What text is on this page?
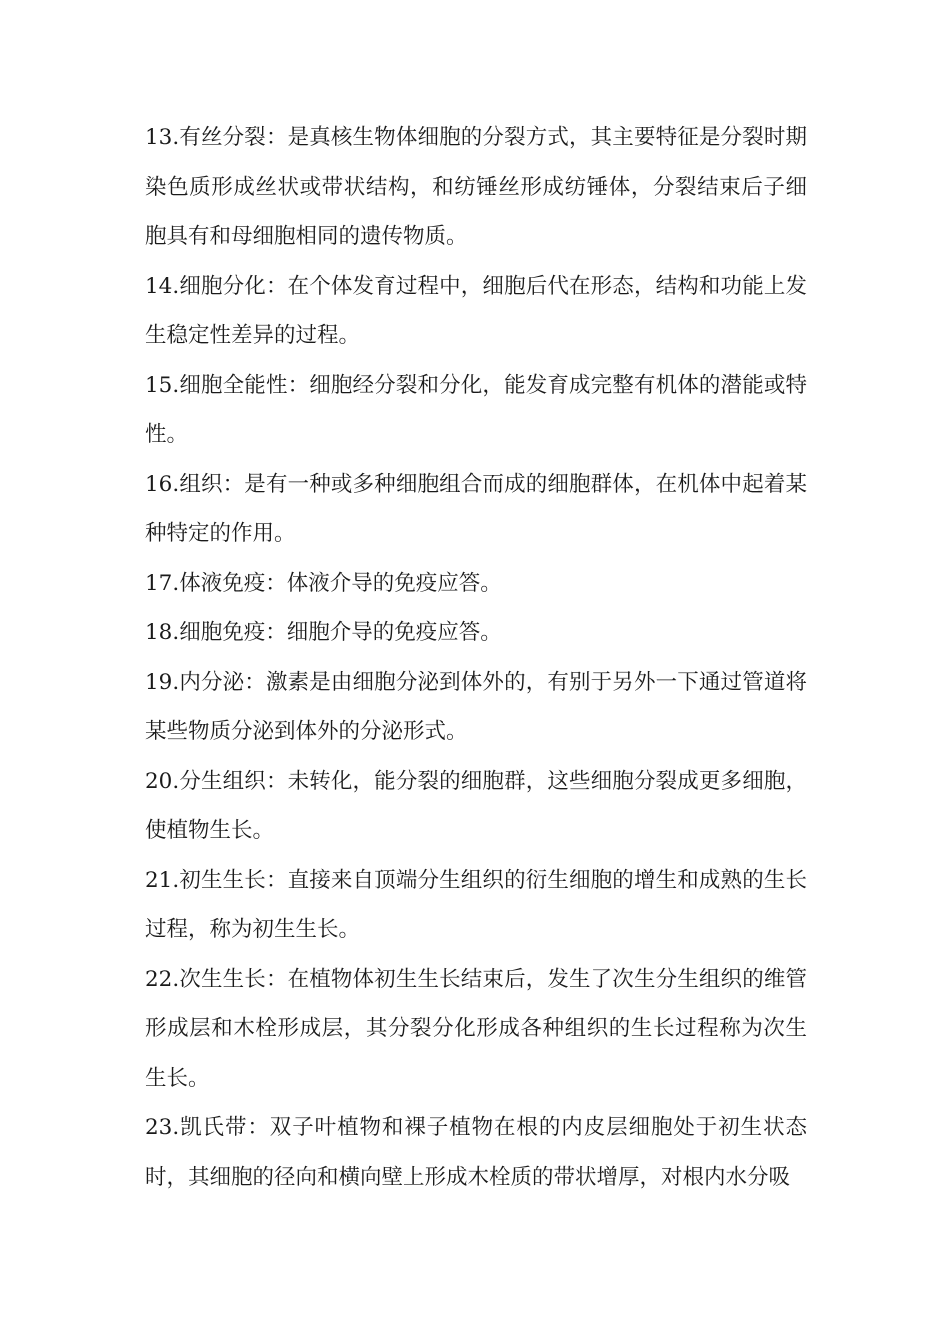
13.有丝分裂：是真核生物体细胞的分裂方式，其主要特征是分裂时期染色质形成丝状或带状结构，和纺锤丝形成纺锤体，分裂结束后子细胞具有和母细胞相同的遗传物质。

14.细胞分化：在个体发育过程中，细胞后代在形态，结构和功能上发生稳定性差异的过程。

15.细胞全能性：细胞经分裂和分化，能发育成完整有机体的潜能或特性。

16.组织：是有一种或多种细胞组合而成的细胞群体，在机体中起着某种特定的作用。

17.体液免疫：体液介导的免疫应答。

18.细胞免疫：细胞介导的免疫应答。

19.内分泌：激素是由细胞分泌到体外的，有别于另外一下通过管道将某些物质分泌到体外的分泌形式。

20.分生组织：未转化，能分裂的细胞群，这些细胞分裂成更多细胞，使植物生长。

21.初生生长：直接来自顶端分生组织的衍生细胞的增生和成熟的生长过程，称为初生生长。

22.次生生长：在植物体初生生长结束后，发生了次生分生组织的维管形成层和木栓形成层，其分裂分化形成各种组织的生长过程称为次生生长。

23.凯氏带：双子叶植物和裸子植物在根的内皮层细胞处于初生状态时，其细胞的径向和横向壁上形成木栓质的带状增厚，对根内水分吸
